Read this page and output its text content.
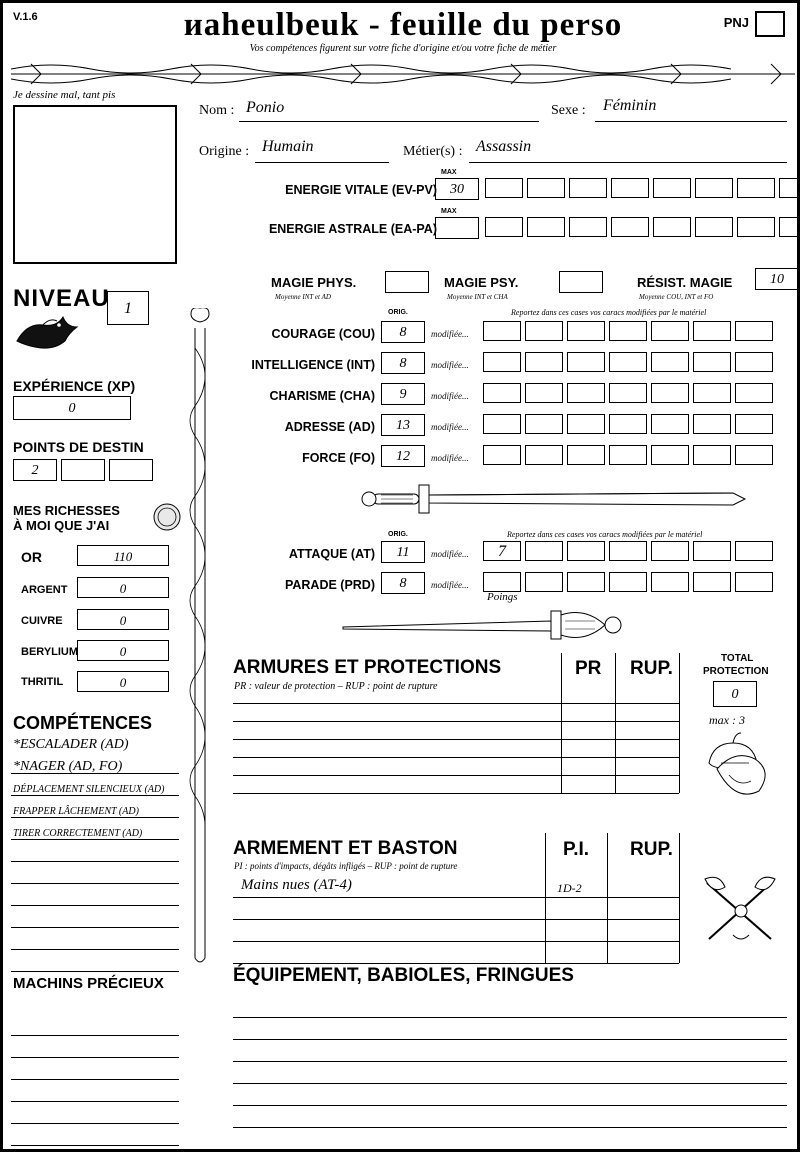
V.1.6	ᴎaheulbeuk - feuille du perso
Vos compétences figurent sur votre fiche d'origine et/ou votre fiche de métier
PNJ
Je dessine mal, tant pis
Nom : Ponio	Sexe : Féminin
Origine : Humain	Métier(s) : Assassin
MAX
ENERGIE VITALE (EV-PV) 30
MAX
ENERGIE ASTRALE (EA-PA)
MAGIE PHYS.
Moyenne INT et AD
MAGIE PSY.
Moyenne INT et CHA
RÉSIST. MAGIE
Moyenne COU, INT et FO
10
ORIG.	Reportez dans ces cases vos caracs modifiées par le matériel
COURAGE (COU)	8	modifiée...
INTELLIGENCE (INT)	8	modifiée...
CHARISME (CHA)	9	modifiée...
ADRESSE (AD)	13	modifiée...
FORCE (FO)	12	modifiée...
ORIG.	Reportez dans ces cases vos caracs modifiées par le matériel
ATTAQUE (AT)	11	modifiée...	7
PARADE (PRD)	8	modifiée...
Poings
NIVEAU 1
EXPÉRIENCE (XP)
0
POINTS DE DESTIN
2
MES RICHESSES
À MOI QUE J'AI
OR	110
ARGENT	0
CUIVRE	0
BERYLIUM	0
THRITIL	0
COMPÉTENCES
*ESCALADER (AD)
*NAGER (AD, FO)
DÉPLACEMENT SILENCIEUX (AD)
FRAPPER LÂCHEMENT (AD)
TIRER CORRECTEMENT (AD)
MACHINS PRÉCIEUX
ARMURES ET PROTECTIONS
PR : valeur de protection – RUP : point de rupture
PR RUP.	TOTAL
PROTECTION
0
max : 3
ARMEMENT ET BASTON
PI : points d'impacts, dégâts infligés – RUP : point de rupture
P.I. RUP.
Mains nues (AT-4)	1D-2
ÉQUIPEMENT, BABIOLES, FRINGUES
